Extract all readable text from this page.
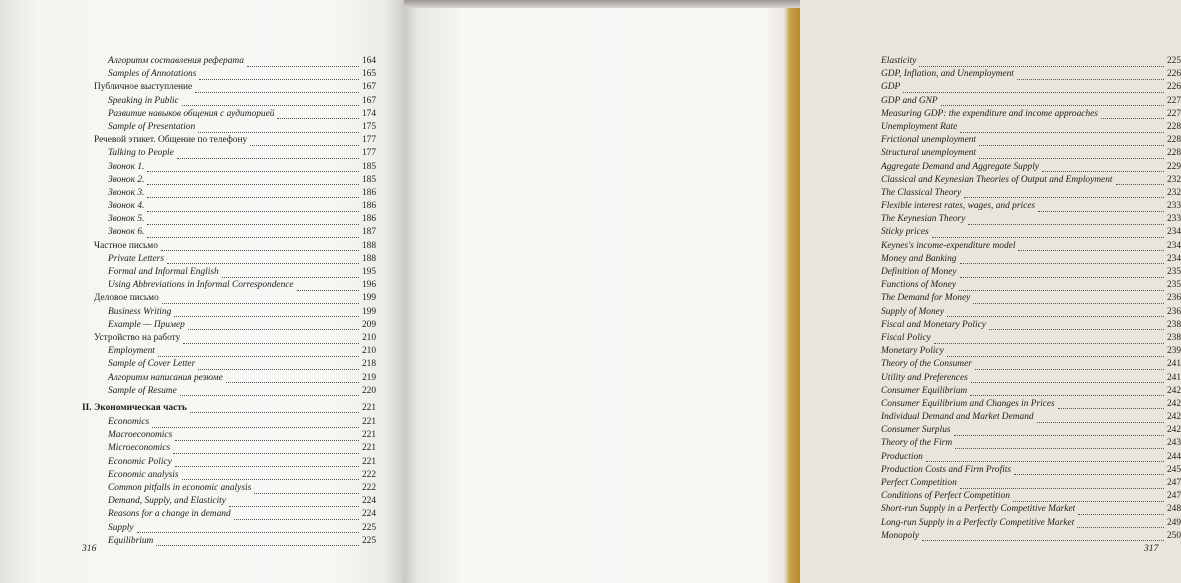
Алгоритм составления реферата	164
Samples of Annotations	165
Публичное выступление	167
Speaking in Public	167
Развитие навыков общения с аудиторией	174
Sample of Presentation	175
Речевой этикет. Общение по телефону	177
Talking to People	177
Звонок 1.	185
Звонок 2.	185
Звонок 3.	186
Звонок 4.	186
Звонок 5.	186
Звонок 6.	187
Частное письмо	188
Private Letters	188
Formal and Informal English	195
Using Abbreviations in Informal Correspondence	196
Деловое письмо	199
Business Writing	199
Example — Пример	209
Устройство на работу	210
Employment	210
Sample of Cover Letter	218
Алгоритм написания резюме	219
Sample of Resume	220
II. Экономическая часть	221
Economics	221
Macroeconomics	221
Microeconomics	221
Economic Policy	221
Economic analysis	222
Common pitfalls in economic analysis	222
Demand, Supply, and Elasticity	224
Reasons for a change in demand	224
Supply	225
Equilibrium	225
316
Elasticity	225
GDP, Inflation, and Unemployment	226
GDP	226
GDP and GNP	227
Measuring GDP: the expenditure and income approaches	227
Unemployment Rate	228
Frictional unemployment	228
Structural unemployment	228
Aggregate Demand and Aggregate Supply	229
Classical and Keynesian Theories of Output and Employment	232
The Classical Theory	232
Flexible interest rates, wages, and prices	233
The Keynesian Theory	233
Sticky prices	234
Keynes's income-expenditure model	234
Money and Banking	234
Definition of Money	235
Functions of Money	235
The Demand for Money	236
Supply of Money	236
Fiscal and Monetary Policy	238
Fiscal Policy	238
Monetary Policy	239
Theory of the Consumer	241
Utility and Preferences	241
Consumer Equilibrium	242
Consumer Equilibrium and Changes in Prices	242
Individual Demand and Market Demand	242
Consumer Surplus	242
Theory of the Firm	243
Production	244
Production Costs and Firm Profits	245
Perfect Competition	247
Conditions of Perfect Competition	247
Short-run Supply in a Perfectly Competitive Market	248
Long-run Supply in a Perfectly Competitive Market	249
Monopoly	250
317
